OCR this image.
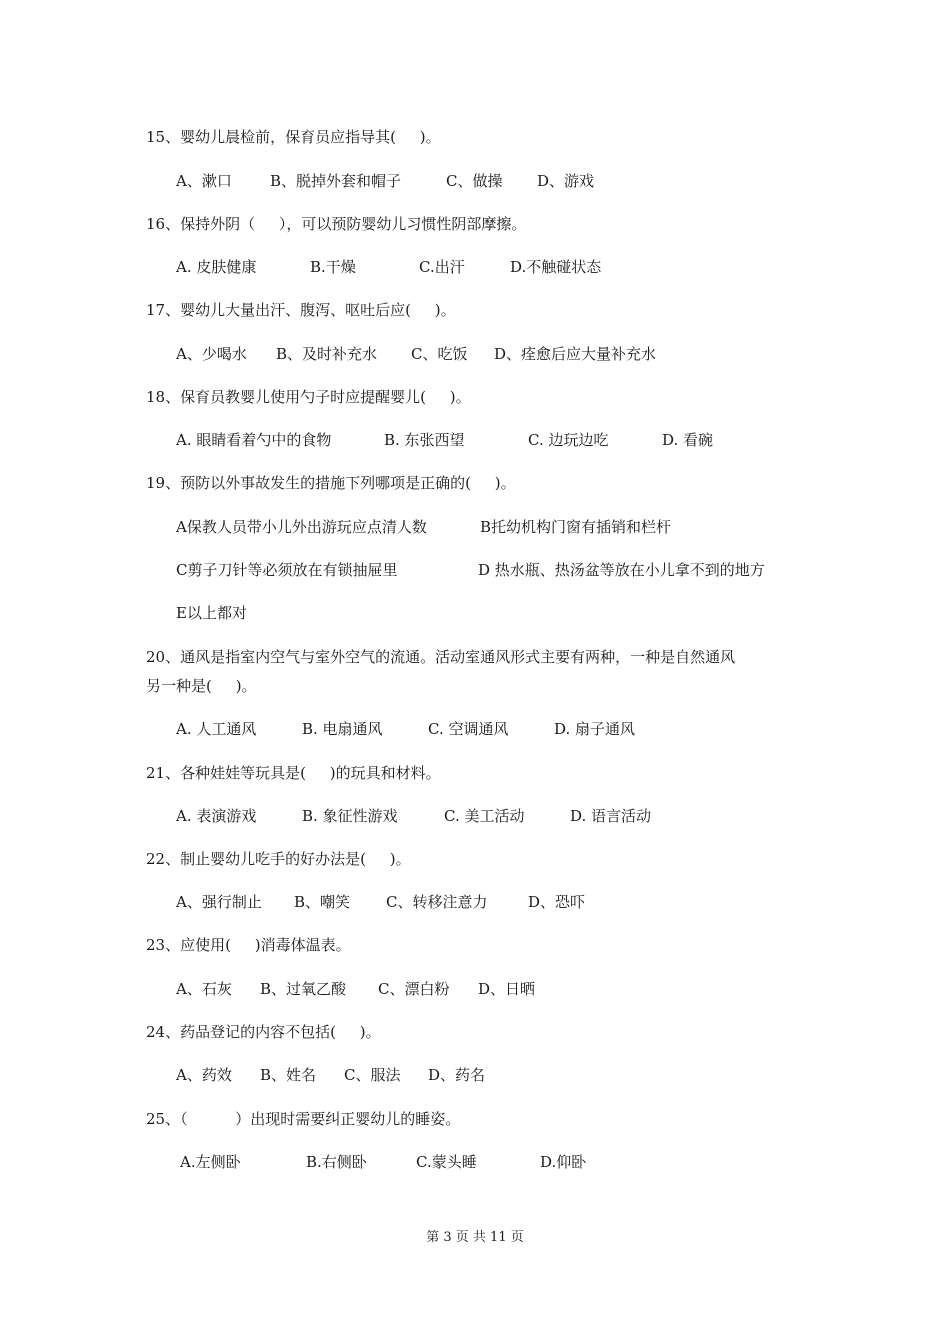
15、婴幼儿晨检前，保育员应指导其(     )。

A、漱口

	B、脱掉外套和帽子

	C、做操

D、游戏

16、保持外阴（     ），可以预防婴幼儿习惯性阴部摩擦。

A. 皮肤健康

	B.干燥

	C.出汗

	D.不触碰状态

17、婴幼儿大量出汗、腹泻、呕吐后应(     )。

A、少喝水

B、及时补充水

C、吃饭

D、痊愈后应大量补充水

18、保育员教婴儿使用勺子时应提醒婴儿(     )。

A. 眼睛看着勺中的食物

	B. 东张西望

	C. 边玩边吃

	D. 看碗

19、预防以外事故发生的措施下列哪项是正确的(     )。

A保教人员带小儿外出游玩应点清人数

	B托幼机构门窗有插销和栏杆

C剪子刀针等必须放在有锁抽屉里

	D 热水瓶、热汤盆等放在小儿拿不到的地方

E以上都对
20、通风是指室内空气与室外空气的流通。活动室通风形式主要有两种，一种是自然通风
另一种是(     )。

A. 人工通风

	B. 电扇通风

	C. 空调通风

	D. 扇子通风

21、各种娃娃等玩具是(     )的玩具和材料。

A. 表演游戏

	B. 象征性游戏

	C. 美工活动

	D. 语言活动

22、制止婴幼儿吃手的好办法是(     )。

A、强行制止

B、嘲笑

C、转移注意力

	D、恐吓

23、应使用(     )消毒体温表。

A、石灰

B、过氧乙酸

C、漂白粉

D、日晒

24、药品登记的内容不包括(     )。

A、药效

B、姓名

C、服法

D、药名

25、（          ）出现时需要纠正婴幼儿的睡姿。

A.左侧卧

	B.右侧卧

	C.蒙头睡

	D.仰卧

第 3 页 共 11 页
